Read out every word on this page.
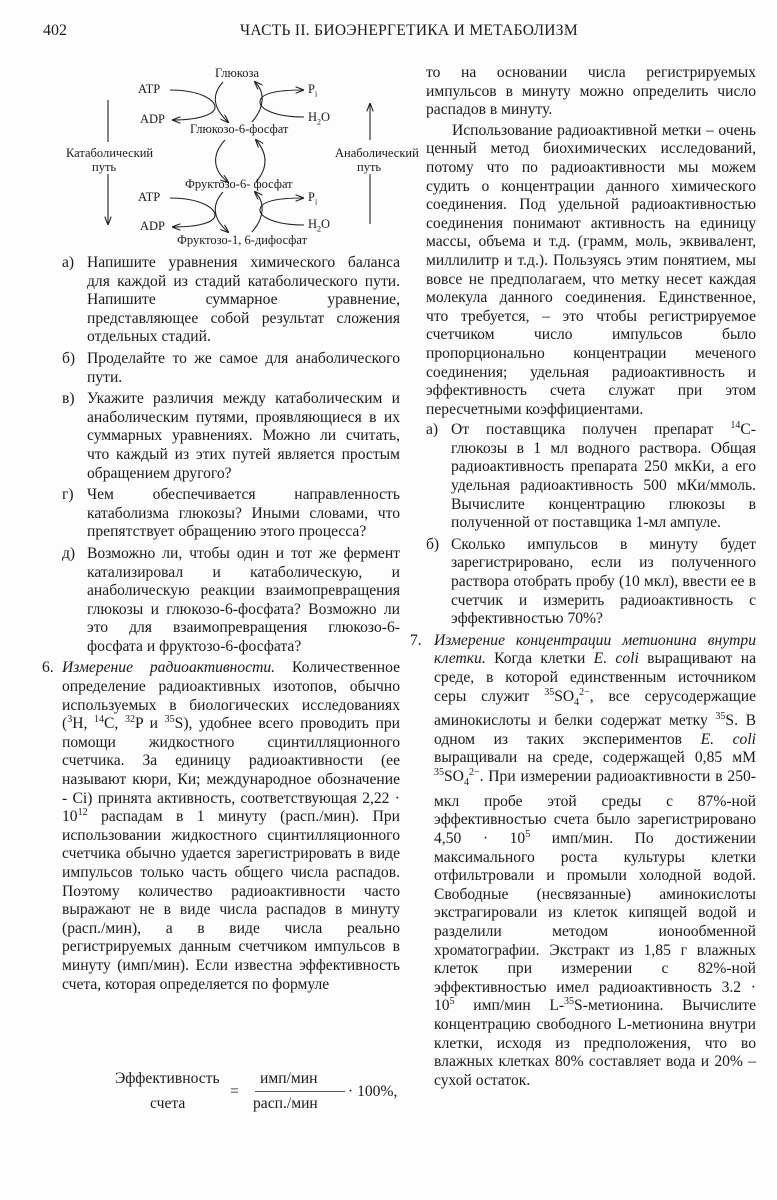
402	ЧАСТЬ II. БИОЭНЕРГЕТИКА И МЕТАБОЛИЗМ
Глюкоза
ATP
ADP
$P_i$
$H_2O$
Глюкозо-6-фосфат
Катаболический
путь
Анаболический
путь
Фруктозо-6- фосфат
ATP
ADP
$P_i$
$H_2O$
Фруктозо-1, 6-дифосфат
а) Напишите уравнения химического баланса для каждой из стадий катаболического пути. Напишите суммарное уравнение, представляющее собой результат сложения отдельных стадий.
б) Проделайте то же самое для анаболического пути.
в) Укажите различия между катаболическим и анаболическим путями, проявляющиеся в их суммарных уравнениях. Можно ли считать, что каждый из этих путей является простым обращением другого?
г) Чем обеспечивается направленность катаболизма глюкозы? Иными словами, что препятствует обращению этого процесса?
д) Возможно ли, чтобы один и тот же фермент катализировал и катаболическую, и анаболическую реакции взаимопревращения глюкозы и глюкозо-6-фосфата? Возможно ли это для взаимопревращения глюкозо-6-фосфата и фруктозо-6-фосфата?
6. Измерение радиоактивности. Количественное определение радиоактивных изотопов, обычно используемых в биологических исследованиях ($^3$H, $^{14}$C, $^{32}$P и $^{35}$S), удобнее всего проводить при помощи жидкостного сцинтилляционного счетчика. За единицу радиоактивности (ее называют кюри, Ки; международное обозначение - Ci) принята активность, соответствующая $2,22 \cdot 10^{12}$ распадам в 1 минуту (расп./мин). При использовании жидкостного сцинтилляционного счетчика обычно удается зарегистрировать в виде импульсов только часть общего числа распадов. Поэтому количество радиоактивности часто выражают не в виде числа распадов в минуту (расп./мин), а в виде числа реально регистрируемых данным счетчиком импульсов в минуту (имп/мин). Если известна эффективность счета, которая определяется по формуле
Эффективность
счета
=
имп/мин
расп./мин
· 100%,

то на основании числа регистрируемых импульсов в минуту можно определить число распадов в минуту.

Использование радиоактивной метки – очень ценный метод биохимических исследований, потому что по радиоактивности мы можем судить о концентрации данного химического соединения. Под удельной радиоактивностью соединения понимают активность на единицу массы, объема и т.д. (грамм, моль, эквивалент, миллилитр и т.д.). Пользуясь этим понятием, мы вовсе не предполагаем, что метку несет каждая молекула данного соединения. Единственное, что требуется, – это чтобы регистрируемое счетчиком число импульсов было пропорционально концентрации меченого соединения; удельная радиоактивность и эффективность счета служат при этом пересчетными коэффициентами.

а) От поставщика получен препарат $^{14}$C-глюкозы в 1 мл водного раствора. Общая радиоактивность препарата 250 мкКи, а его удельная радиоактивность 500 мКи/ммоль. Вычислите концентрацию глюкозы в полученной от поставщика 1-мл ампуле.
б) Сколько импульсов в минуту будет зарегистрировано, если из полученного раствора отобрать пробу (10 мкл), ввести ее в счетчик и измерить радиоактивность с эффективностью 70%?
7. Измерение концентрации метионина внутри клетки. Когда клетки E. coli выращивают на среде, в которой единственным источником серы служит $^{35}SO_4^{2-}$, все серусодержащие аминокислоты и белки содержат метку $^{35}$S. В одном из таких экспериментов E. coli выращивали на среде, содержащей 0,85 мМ $^{35}SO_4^{2-}$. При измерении радиоактивности в 250-мкл пробе этой среды с 87%-ной эффективностью счета было зарегистрировано $4,50 \cdot 10^5$ имп/мин. По достижении максимального роста культуры клетки отфильтровали и промыли холодной водой. Свободные (несвязанные) аминокислоты экстрагировали из клеток кипящей водой и разделили методом ионообменной хроматографии. Экстракт из 1,85 г влажных клеток при измерении с 82%-ной эффективностью имел радиоактивность $3.2 \cdot 10^5$ имп/мин L-$^{35}$S-метионина. Вычислите концентрацию свободного L-метионина внутри клетки, исходя из предположения, что во влажных клетках 80% составляет вода и 20% – сухой остаток.
